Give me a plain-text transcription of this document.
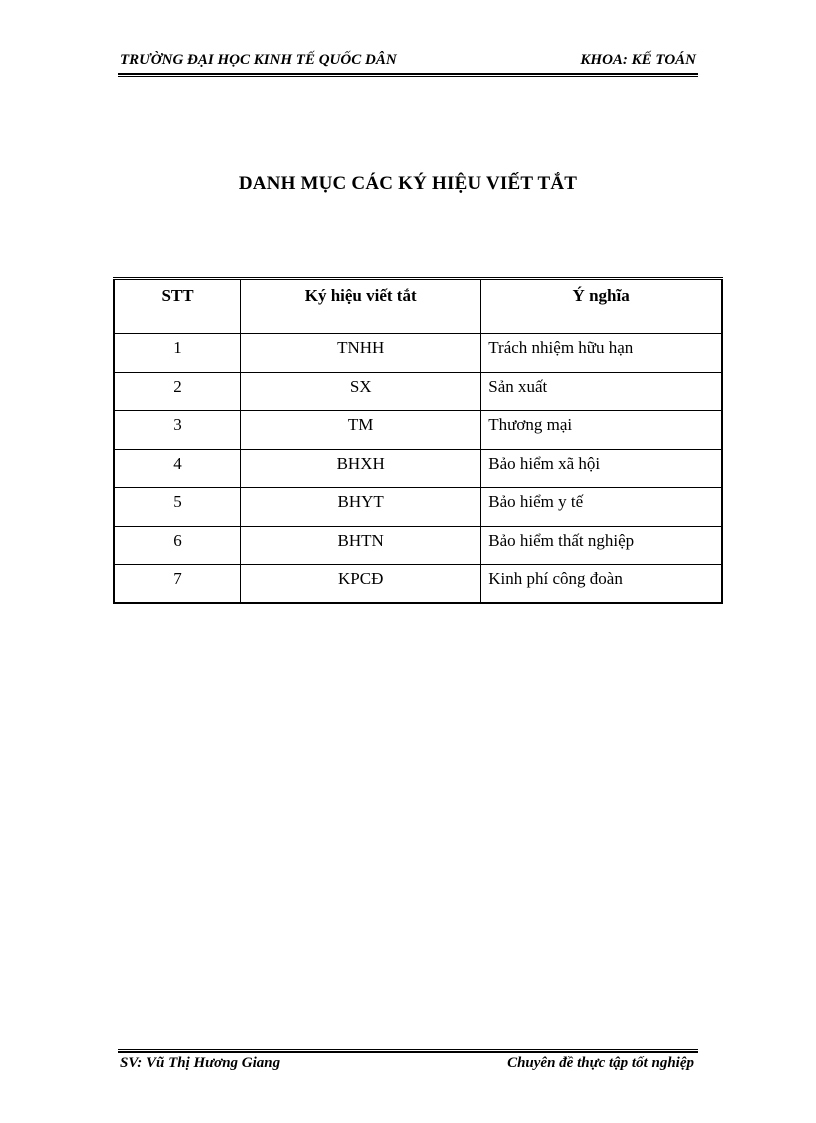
TRƯỜNG ĐẠI HỌC KINH TẾ QUỐC DÂN	KHOA: KẾ TOÁN
DANH MỤC CÁC KÝ HIỆU VIẾT TẮT
STT	Ký hiệu viết tắt	Ý nghĩa
1	TNHH	Trách nhiệm hữu hạn
2	SX	Sản xuất
3	TM	Thương mại
4	BHXH	Bảo hiểm xã hội
5	BHYT	Bảo hiểm y tế
6	BHTN	Bảo hiểm thất nghiệp
7	KPCĐ	Kinh phí công đoàn
SV: Vũ Thị Hương Giang	Chuyên đề thực tập tốt nghiệp
